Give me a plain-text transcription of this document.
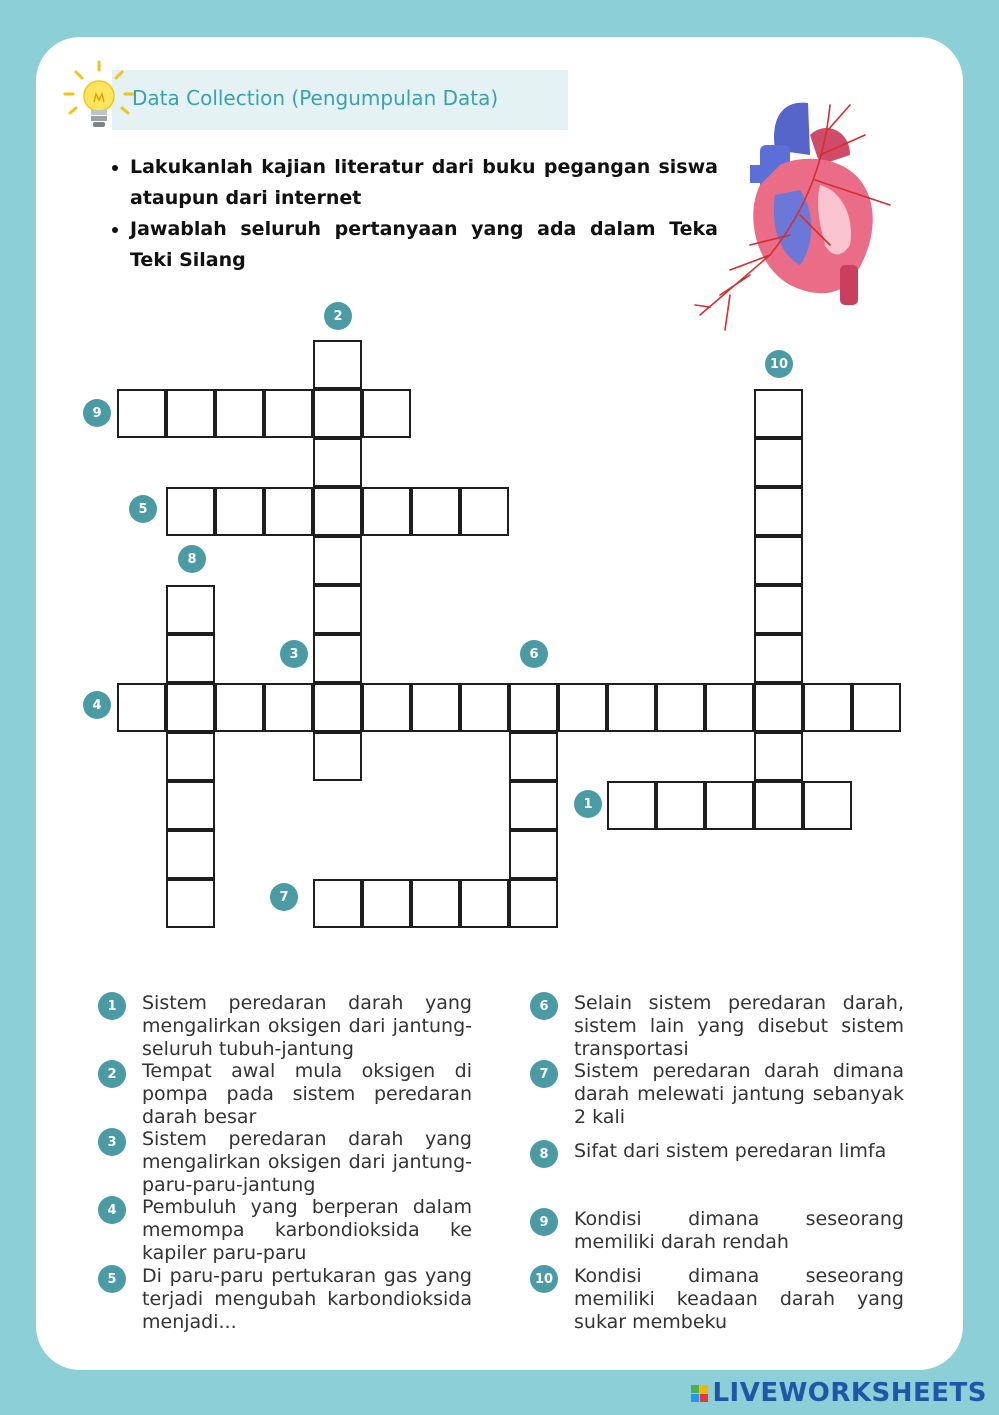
Data Collection (Pengumpulan Data)
• Lakukanlah kajian literatur dari buku pegangan siswa ataupun dari internet
• Jawablah seluruh pertanyaan yang ada dalam Teka Teki Silang
2
10
9
5
8
3	6
4
1
7
1	Sistem peredaran darah yang mengalirkan oksigen dari jantung-seluruh tubuh-jantung
2	Tempat awal mula oksigen di pompa pada sistem peredaran darah besar
3	Sistem peredaran darah yang mengalirkan oksigen dari jantung-paru-paru-jantung
4	Pembuluh yang berperan dalam memompa karbondioksida ke kapiler paru-paru
5	Di paru-paru pertukaran gas yang terjadi mengubah karbondioksida menjadi...
6	Selain sistem peredaran darah, sistem lain yang disebut sistem transportasi
7	Sistem peredaran darah dimana darah melewati jantung sebanyak 2 kali
8	Sifat dari sistem peredaran limfa
9	Kondisi dimana seseorang memiliki darah rendah
10 Kondisi dimana seseorang memiliki keadaan darah yang sukar membeku
LIVEWORKSHEETS
